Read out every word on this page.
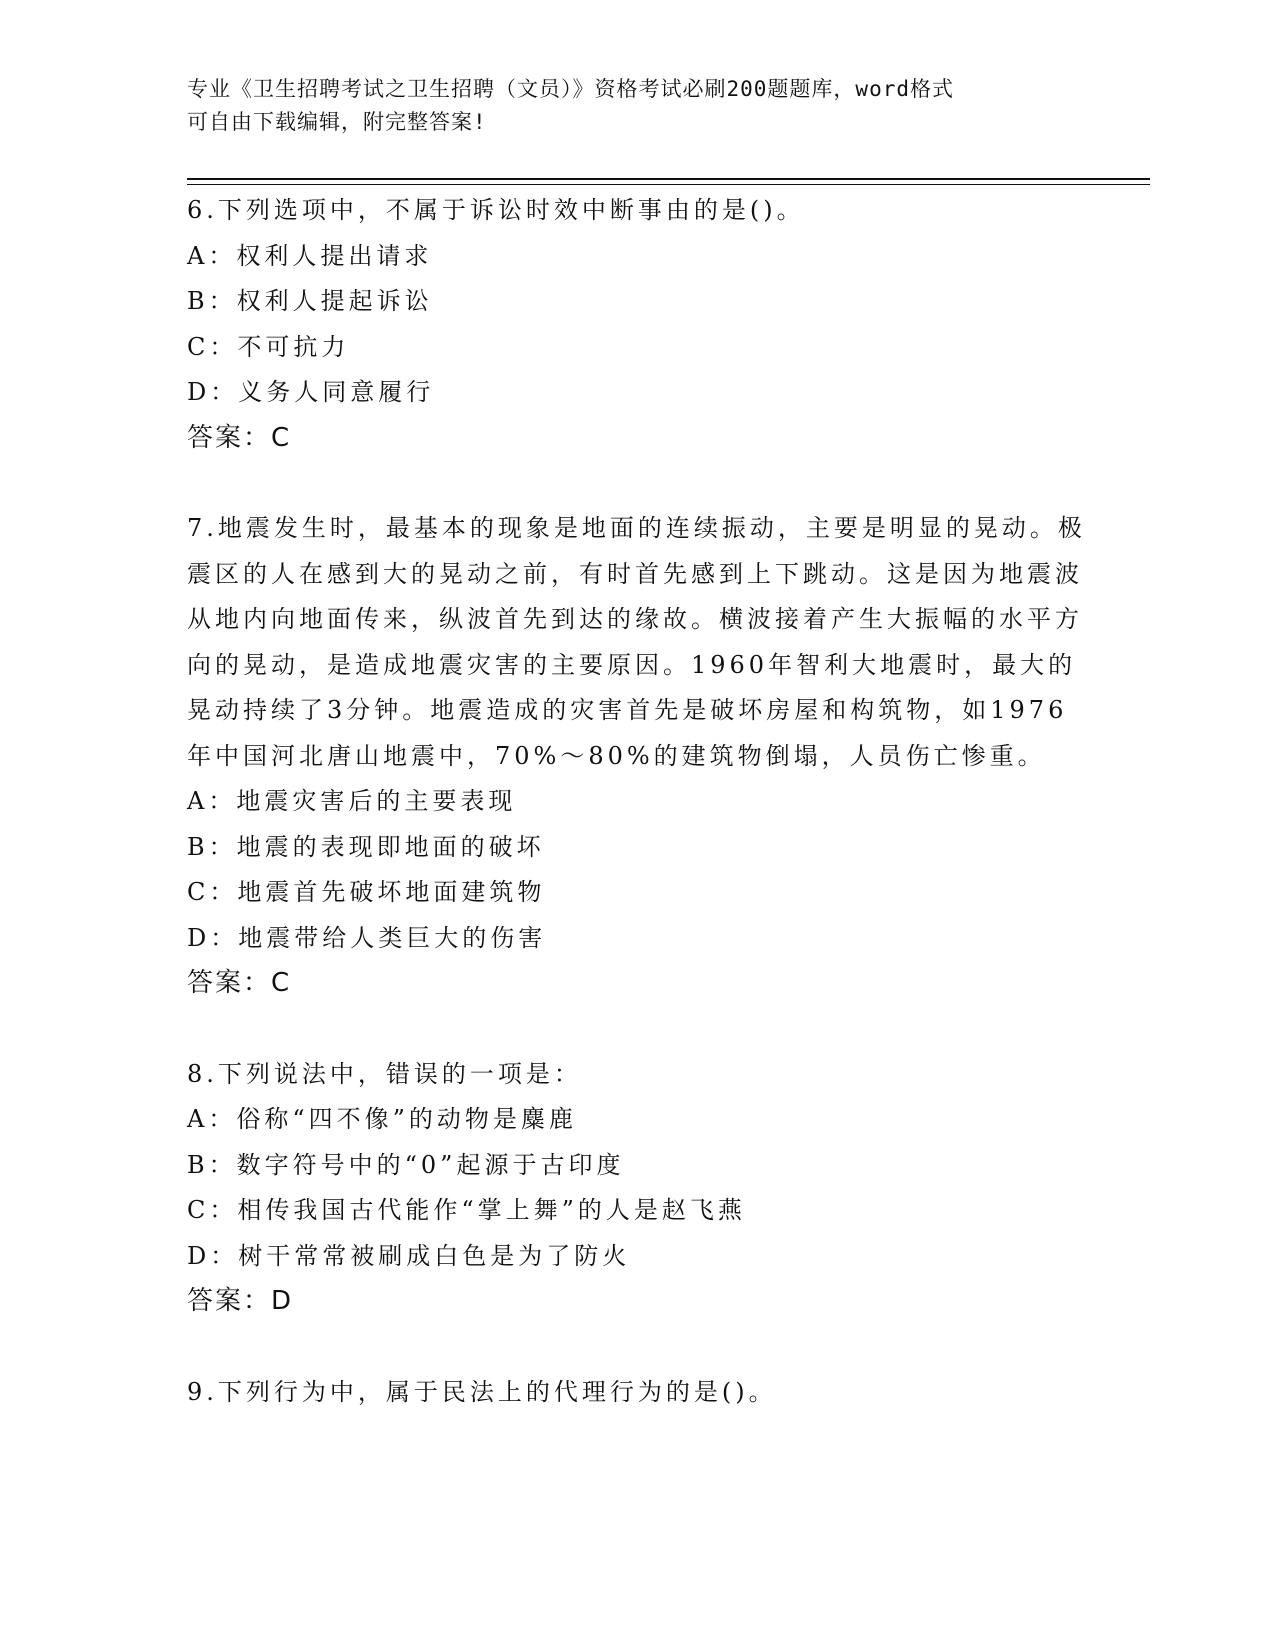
专业《卫生招聘考试之卫生招聘（文员）》资格考试必刷200题题库，word格式
可自由下载编辑，附完整答案!
6.下列选项中，不属于诉讼时效中断事由的是()。
A：权利人提出请求
B：权利人提起诉讼
C：不可抗力
D：义务人同意履行
答案：C
7.地震发生时，最基本的现象是地面的连续振动，主要是明显的晃动。极震区的人在感到大的晃动之前，有时首先感到上下跳动。这是因为地震波从地内向地面传来，纵波首先到达的缘故。横波接着产生大振幅的水平方向的晃动，是造成地震灾害的主要原因。1960年智利大地震时，最大的晃动持续了3分钟。地震造成的灾害首先是破坏房屋和构筑物，如1976年中国河北唐山地震中，70%～80%的建筑物倒塌，人员伤亡惨重。
A：地震灾害后的主要表现
B：地震的表现即地面的破坏
C：地震首先破坏地面建筑物
D：地震带给人类巨大的伤害
答案：C
8.下列说法中，错误的一项是：
A：俗称“四不像”的动物是麋鹿
B：数字符号中的“0”起源于古印度
C：相传我国古代能作“掌上舞”的人是赵飞燕
D：树干常常被刷成白色是为了防火
答案：D
9.下列行为中，属于民法上的代理行为的是()。
